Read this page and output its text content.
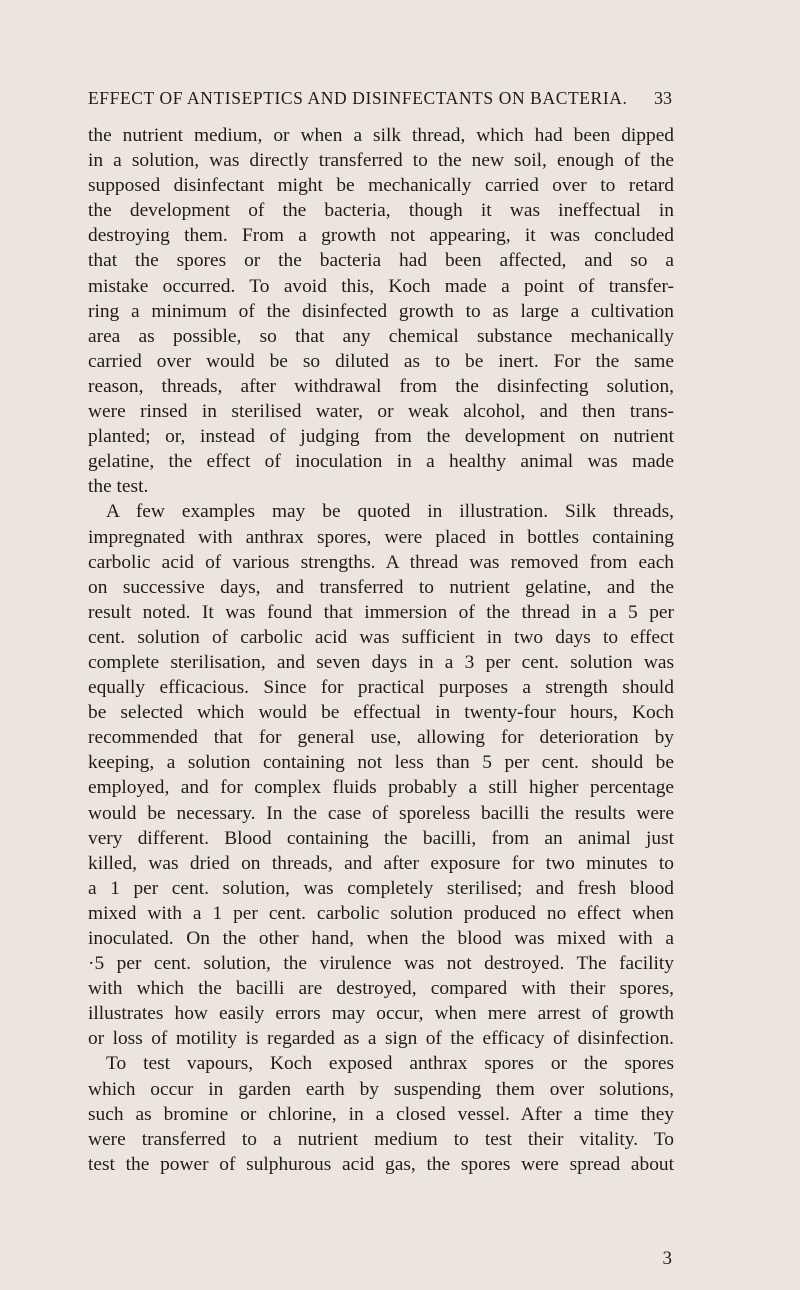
EFFECT OF ANTISEPTICS AND DISINFECTANTS ON BACTERIA.	33
the nutrient medium, or when a silk thread, which had been dipped
in a solution, was directly transferred to the new soil, enough of the
supposed disinfectant might be mechanically carried over to retard
the development of the bacteria, though it was ineffectual in
destroying them. From a growth not appearing, it was concluded
that the spores or the bacteria had been affected, and so a
mistake occurred. To avoid this, Koch made a point of transfer-
ring a minimum of the disinfected growth to as large a cultivation
area as possible, so that any chemical substance mechanically
carried over would be so diluted as to be inert. For the same
reason, threads, after withdrawal from the disinfecting solution,
were rinsed in sterilised water, or weak alcohol, and then trans-
planted; or, instead of judging from the development on nutrient
gelatine, the effect of inoculation in a healthy animal was made
the test.
A few examples may be quoted in illustration. Silk threads,
impregnated with anthrax spores, were placed in bottles containing
carbolic acid of various strengths. A thread was removed from each
on successive days, and transferred to nutrient gelatine, and the
result noted. It was found that immersion of the thread in a 5 per
cent. solution of carbolic acid was sufficient in two days to effect
complete sterilisation, and seven days in a 3 per cent. solution was
equally efficacious. Since for practical purposes a strength should
be selected which would be effectual in twenty-four hours, Koch
recommended that for general use, allowing for deterioration by
keeping, a solution containing not less than 5 per cent. should be
employed, and for complex fluids probably a still higher percentage
would be necessary. In the case of sporeless bacilli the results were
very different. Blood containing the bacilli, from an animal just
killed, was dried on threads, and after exposure for two minutes to
a 1 per cent. solution, was completely sterilised; and fresh blood
mixed with a 1 per cent. carbolic solution produced no effect when
inoculated. On the other hand, when the blood was mixed with a
·5 per cent. solution, the virulence was not destroyed. The facility
with which the bacilli are destroyed, compared with their spores,
illustrates how easily errors may occur, when mere arrest of growth
or loss of motility is regarded as a sign of the efficacy of disinfection.
To test vapours, Koch exposed anthrax spores or the spores
which occur in garden earth by suspending them over solutions,
such as bromine or chlorine, in a closed vessel. After a time they
were transferred to a nutrient medium to test their vitality. To
test the power of sulphurous acid gas, the spores were spread about
3
